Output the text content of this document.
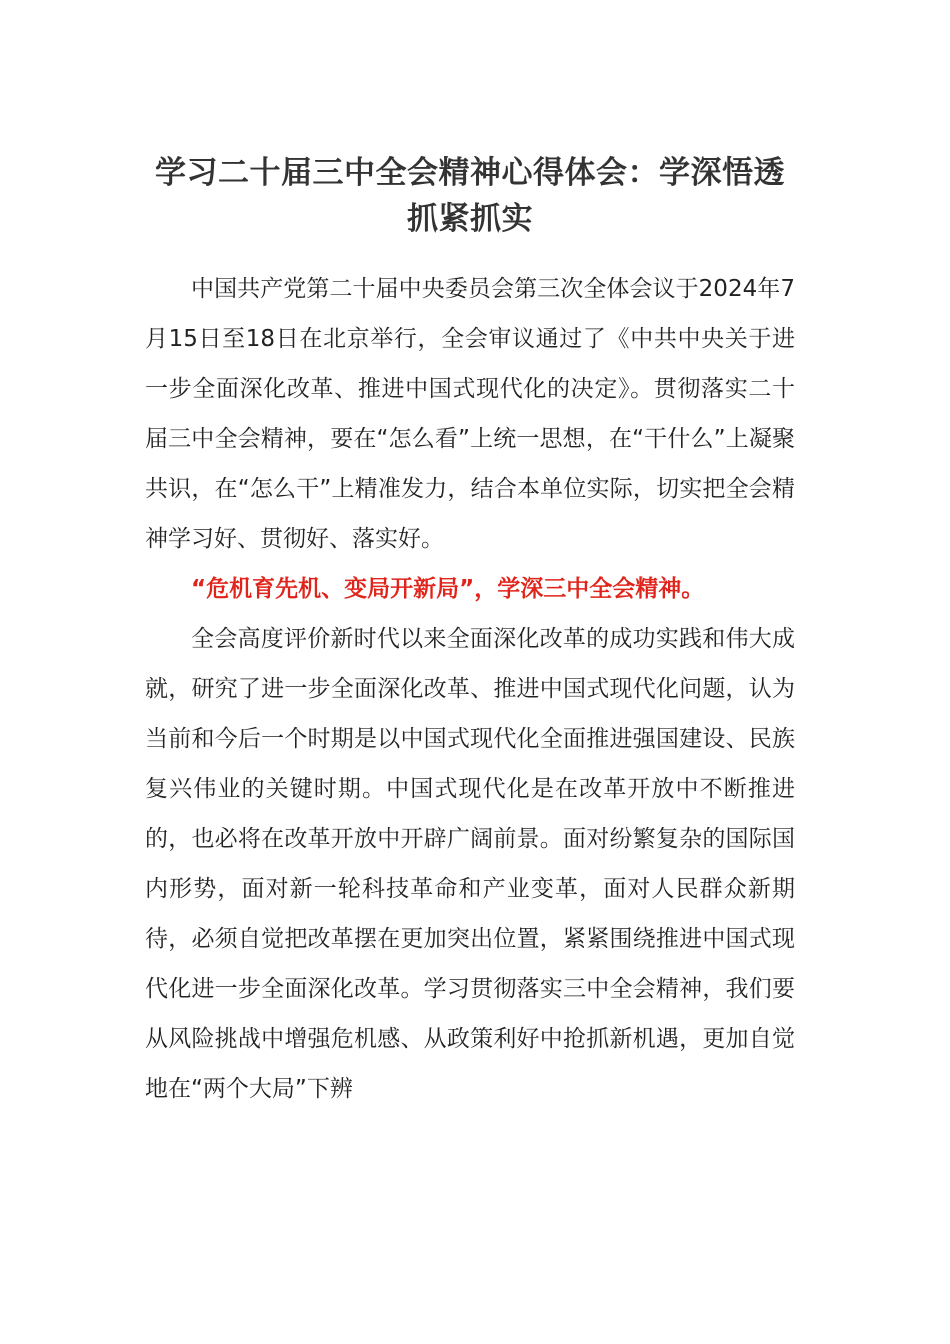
学习二十届三中全会精神心得体会：学深悟透抓紧抓实

中国共产党第二十届中央委员会第三次全体会议于2024年7月15日至18日在北京举行，全会审议通过了《中共中央关于进一步全面深化改革、推进中国式现代化的决定》。贯彻落实二十届三中全会精神，要在“怎么看”上统一思想，在“干什么”上凝聚共识，在“怎么干”上精准发力，结合本单位实际，切实把全会精神学习好、贯彻好、落实好。

“危机育先机、变局开新局”，学深三中全会精神。

全会高度评价新时代以来全面深化改革的成功实践和伟大成就，研究了进一步全面深化改革、推进中国式现代化问题，认为当前和今后一个时期是以中国式现代化全面推进强国建设、民族复兴伟业的关键时期。中国式现代化是在改革开放中不断推进的，也必将在改革开放中开辟广阔前景。面对纷繁复杂的国际国内形势，面对新一轮科技革命和产业变革，面对人民群众新期待，必须自觉把改革摆在更加突出位置，紧紧围绕推进中国式现代化进一步全面深化改革。学习贯彻落实三中全会精神，我们要从风险挑战中增强危机感、从政策利好中抢抓新机遇，更加自觉地在“两个大局”下辨
